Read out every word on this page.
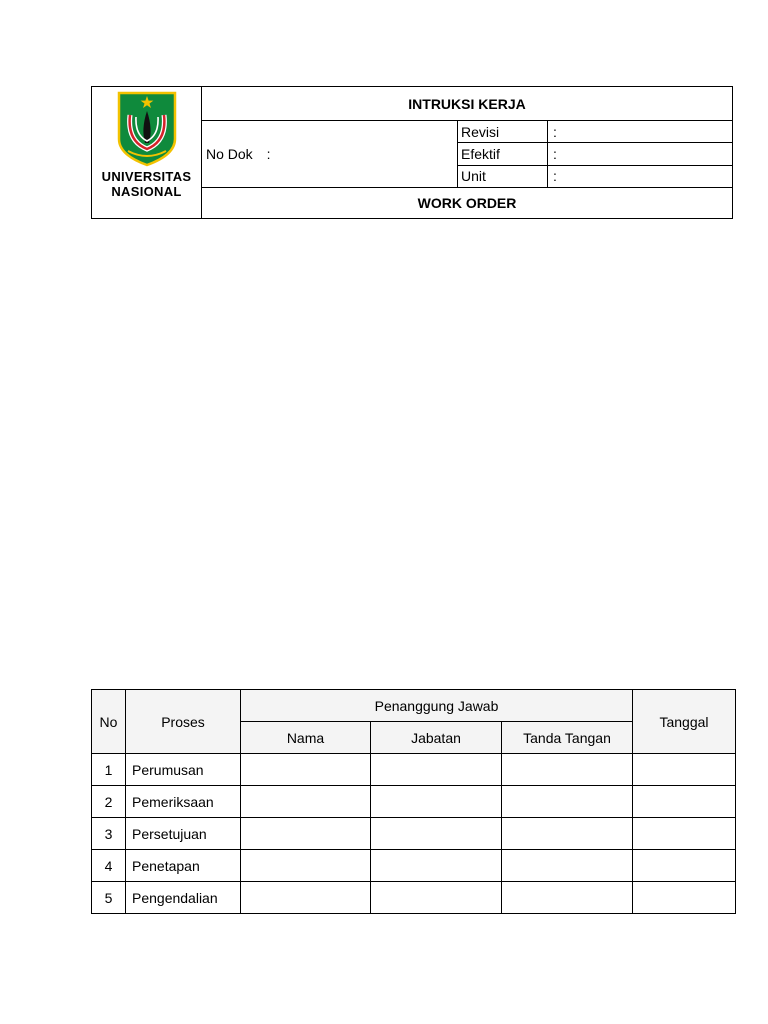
UNIVERSITAS
NASIONAL	INTRUKSI KERJA		
	No Dok :	Revisi	:
		Efektif	:
		Unit	:
	WORK ORDER		
No	Proses	Penanggung Jawab			Tanggal
		Nama	Jabatan	Tanda Tangan	
1	Perumusan				
2	Pemeriksaan				
3	Persetujuan				
4	Penetapan				
5	Pengendalian				
